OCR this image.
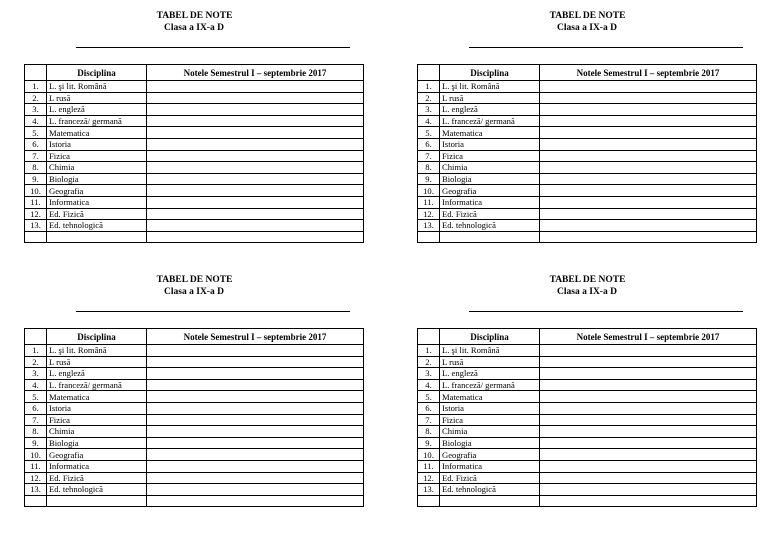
TABEL DE NOTE

Clasa a IX-a D

	Disciplina	Notele Semestrul I – septembrie 2017
1.	L. şi lit. Română	
2.	L rusă	
3.	L. engleză	
4.	L. franceză/ germană	
5.	Matematica	
6.	Istoria	
7.	Fizica	
8.	Chimia	
9.	Biologia	
10.	Geografia	
11.	Informatica	
12.	Ed. Fizică	
13.	Ed. tehnologică	

TABEL DE NOTE

Clasa a IX-a D

	Disciplina	Notele Semestrul I – septembrie 2017
1.	L. şi lit. Română	
2.	L rusă	
3.	L. engleză	
4.	L. franceză/ germană	
5.	Matematica	
6.	Istoria	
7.	Fizica	
8.	Chimia	
9.	Biologia	
10.	Geografia	
11.	Informatica	
12.	Ed. Fizică	
13.	Ed. tehnologică	

TABEL DE NOTE

Clasa a IX-a D

	Disciplina	Notele Semestrul I – septembrie 2017
1.	L. şi lit. Română	
2.	L rusă	
3.	L. engleză	
4.	L. franceză/ germană	
5.	Matematica	
6.	Istoria	
7.	Fizica	
8.	Chimia	
9.	Biologia	
10.	Geografia	
11.	Informatica	
12.	Ed. Fizică	
13.	Ed. tehnologică	

TABEL DE NOTE

Clasa a IX-a D

	Disciplina	Notele Semestrul I – septembrie 2017
1.	L. şi lit. Română	
2.	L rusă	
3.	L. engleză	
4.	L. franceză/ germană	
5.	Matematica	
6.	Istoria	
7.	Fizica	
8.	Chimia	
9.	Biologia	
10.	Geografia	
11.	Informatica	
12.	Ed. Fizică	
13.	Ed. tehnologică	
